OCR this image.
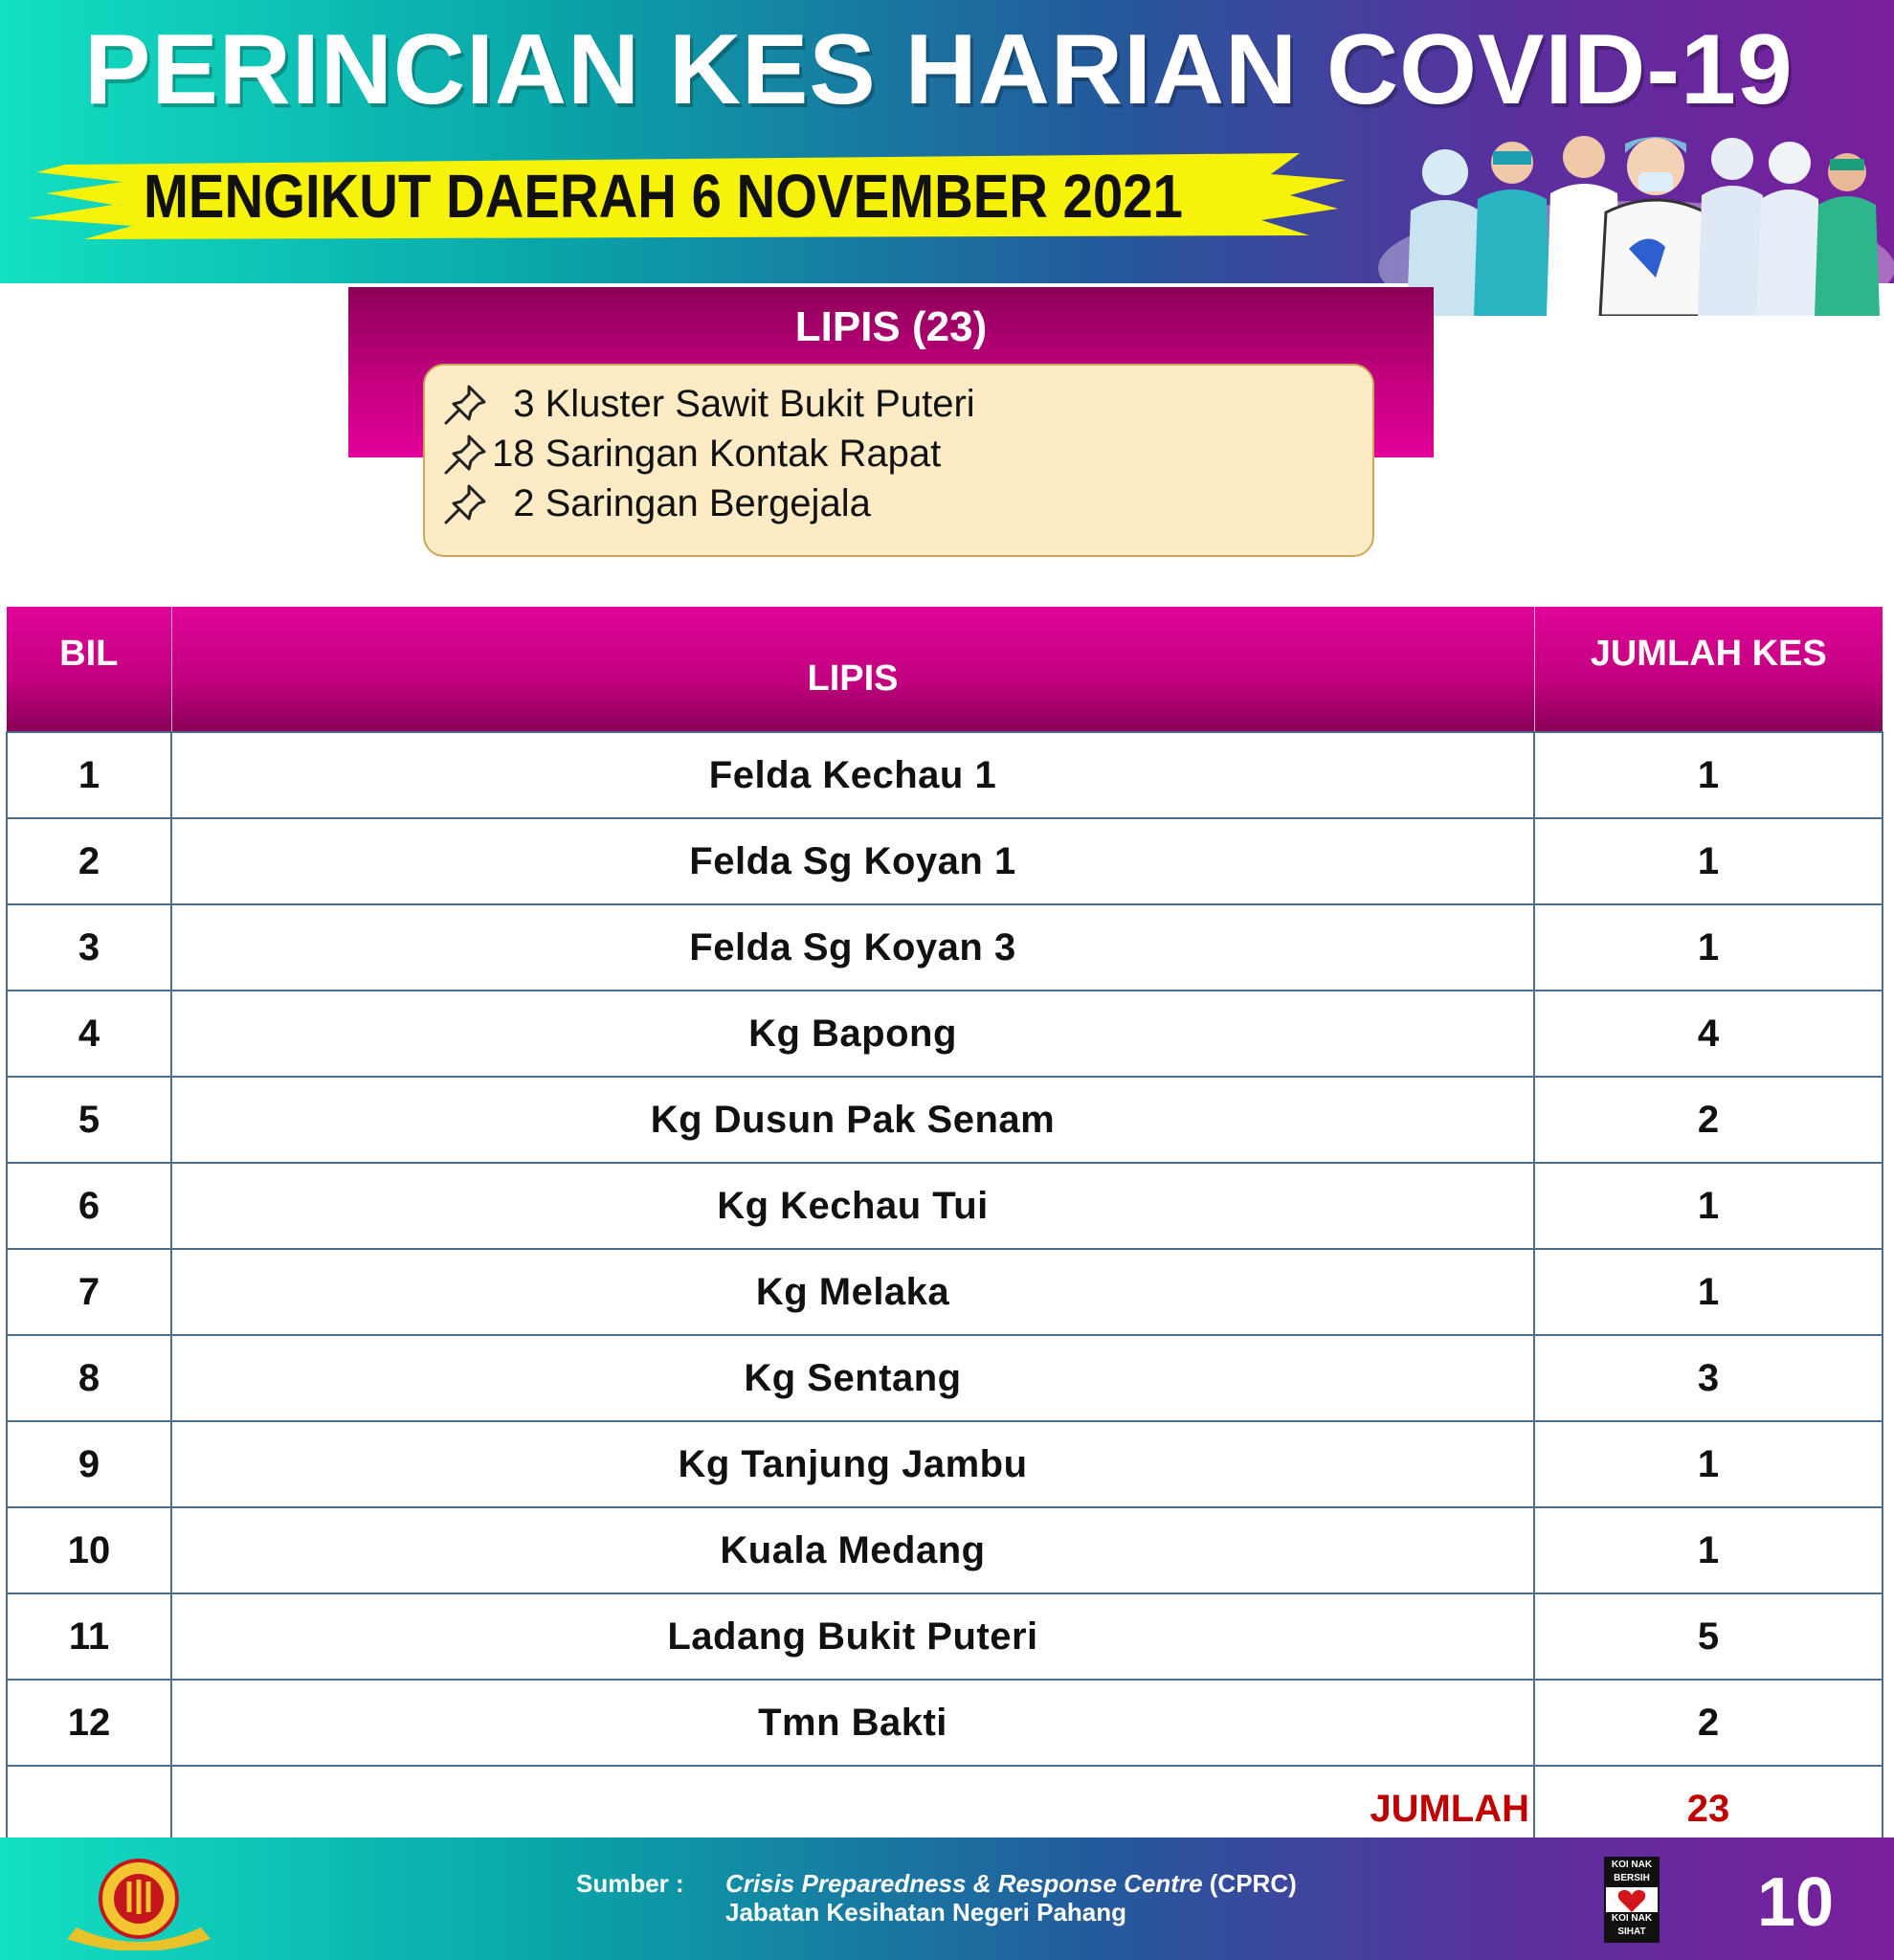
PERINCIAN KES HARIAN COVID-19
MENGIKUT DAERAH 6 NOVEMBER 2021
LIPIS (23)
3 Kluster Sawit Bukit Puteri
18 Saringan Kontak Rapat
2 Saringan Bergejala
BIL	LIPIS	JUMLAH KES
1	Felda Kechau 1	1
2	Felda Sg Koyan 1	1
3	Felda Sg Koyan 3	1
4	Kg Bapong	4
5	Kg Dusun Pak Senam	2
6	Kg Kechau Tui	1
7	Kg Melaka	1
8	Kg Sentang	3
9	Kg Tanjung Jambu	1
10	Kuala Medang	1
11	Ladang Bukit Puteri	5
12	Tmn Bakti	2
	JUMLAH	23
Sumber : Crisis Preparedness & Response Centre (CPRC)
Jabatan Kesihatan Negeri Pahang
KOI NAK BERSIH
KOI NAK SIHAT 10
